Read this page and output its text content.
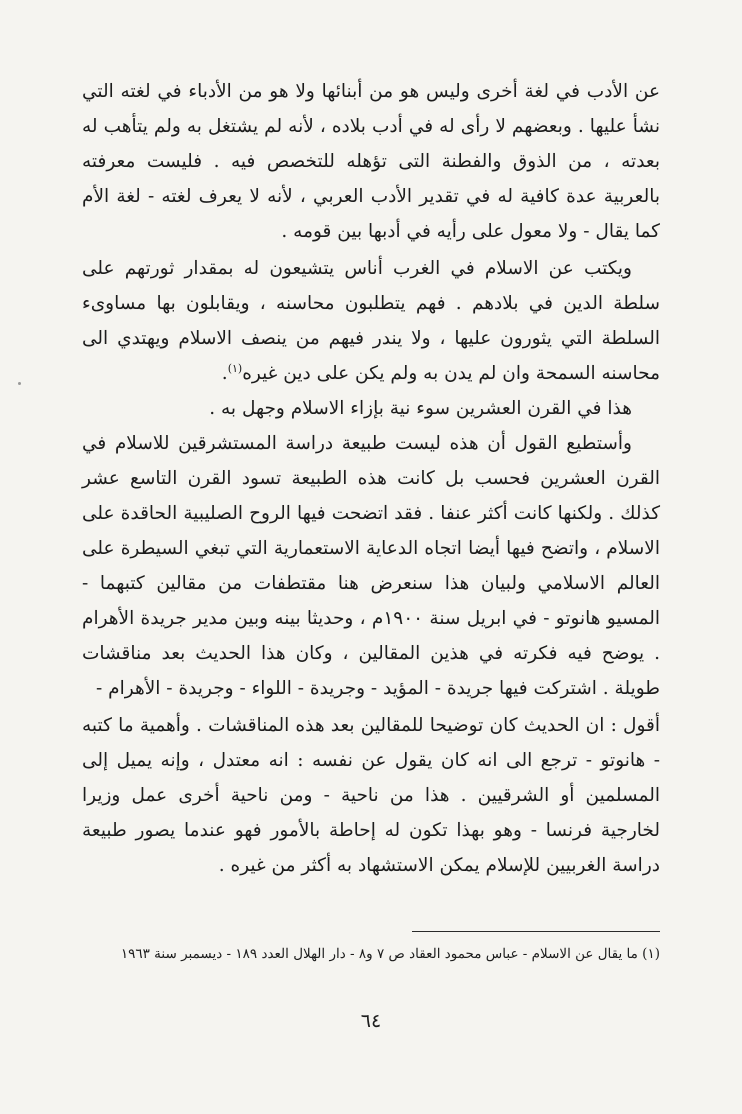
عن الأدب في لغة أخرى وليس هو من أبنائها ولا هو من الأدباء في لغته التي نشأ عليها . وبعضهم لا رأى له في أدب بلاده ، لأنه لم يشتغل به ولم يتأهب له بعدته ، من الذوق والفطنة التى تؤهله للتخصص فيه . فليست معرفته بالعربية عدة كافية له في تقدير الأدب العربي ، لأنه لا يعرف لغته - لغة الأم كما يقال - ولا معول على رأيه في أدبها بين قومه .

ويكتب عن الاسلام في الغرب أناس يتشيعون له بمقدار ثورتهم على سلطة الدين في بلادهم . فهم يتطلبون محاسنه ، ويقابلون بها مساوىء السلطة التي يثورون عليها ، ولا يندر فيهم من ينصف الاسلام ويهتدي الى محاسنه السمحة وان لم يدن به ولم يكن على دين غيره$^{(١)}$.

هذا في القرن العشرين سوء نية بإزاء الاسلام وجهل به .

وأستطيع القول أن هذه ليست طبيعة دراسة المستشرقين للاسلام في القرن العشرين فحسب بل كانت هذه الطبيعة تسود القرن التاسع عشر كذلك . ولكنها كانت أكثر عنفا . فقد اتضحت فيها الروح الصليبية الحاقدة على الاسلام ، واتضح فيها أيضا اتجاه الدعاية الاستعمارية التي تبغي السيطرة على العالم الاسلامي ولبيان هذا سنعرض هنا مقتطفات من مقالين كتبهما - المسيو هانوتو - في ابريل سنة ١٩٠٠م ، وحديثا بينه وبين مدير جريدة الأهرام . يوضح فيه فكرته في هذين المقالين ، وكان هذا الحديث بعد مناقشات طويلة . اشتركت فيها جريدة - المؤيد - وجريدة - اللواء - وجريدة - الأهرام -

أقول : ان الحديث كان توضيحا للمقالين بعد هذه المناقشات . وأهمية ما كتبه - هانوتو - ترجع الى انه كان يقول عن نفسه : انه معتدل ، وإنه يميل إلى المسلمين أو الشرقيين . هذا من ناحية - ومن ناحية أخرى عمل وزيرا لخارجية فرنسا - وهو بهذا تكون له إحاطة بالأمور فهو عندما يصور طبيعة دراسة الغربيين للإسلام يمكن الاستشهاد به أكثر من غيره .

(١) ما يقال عن الاسلام - عباس محمود العقاد ص ٧ و٨ - دار الهلال العدد ١٨٩ - ديسمبر سنة ١٩٦٣
٦٤
